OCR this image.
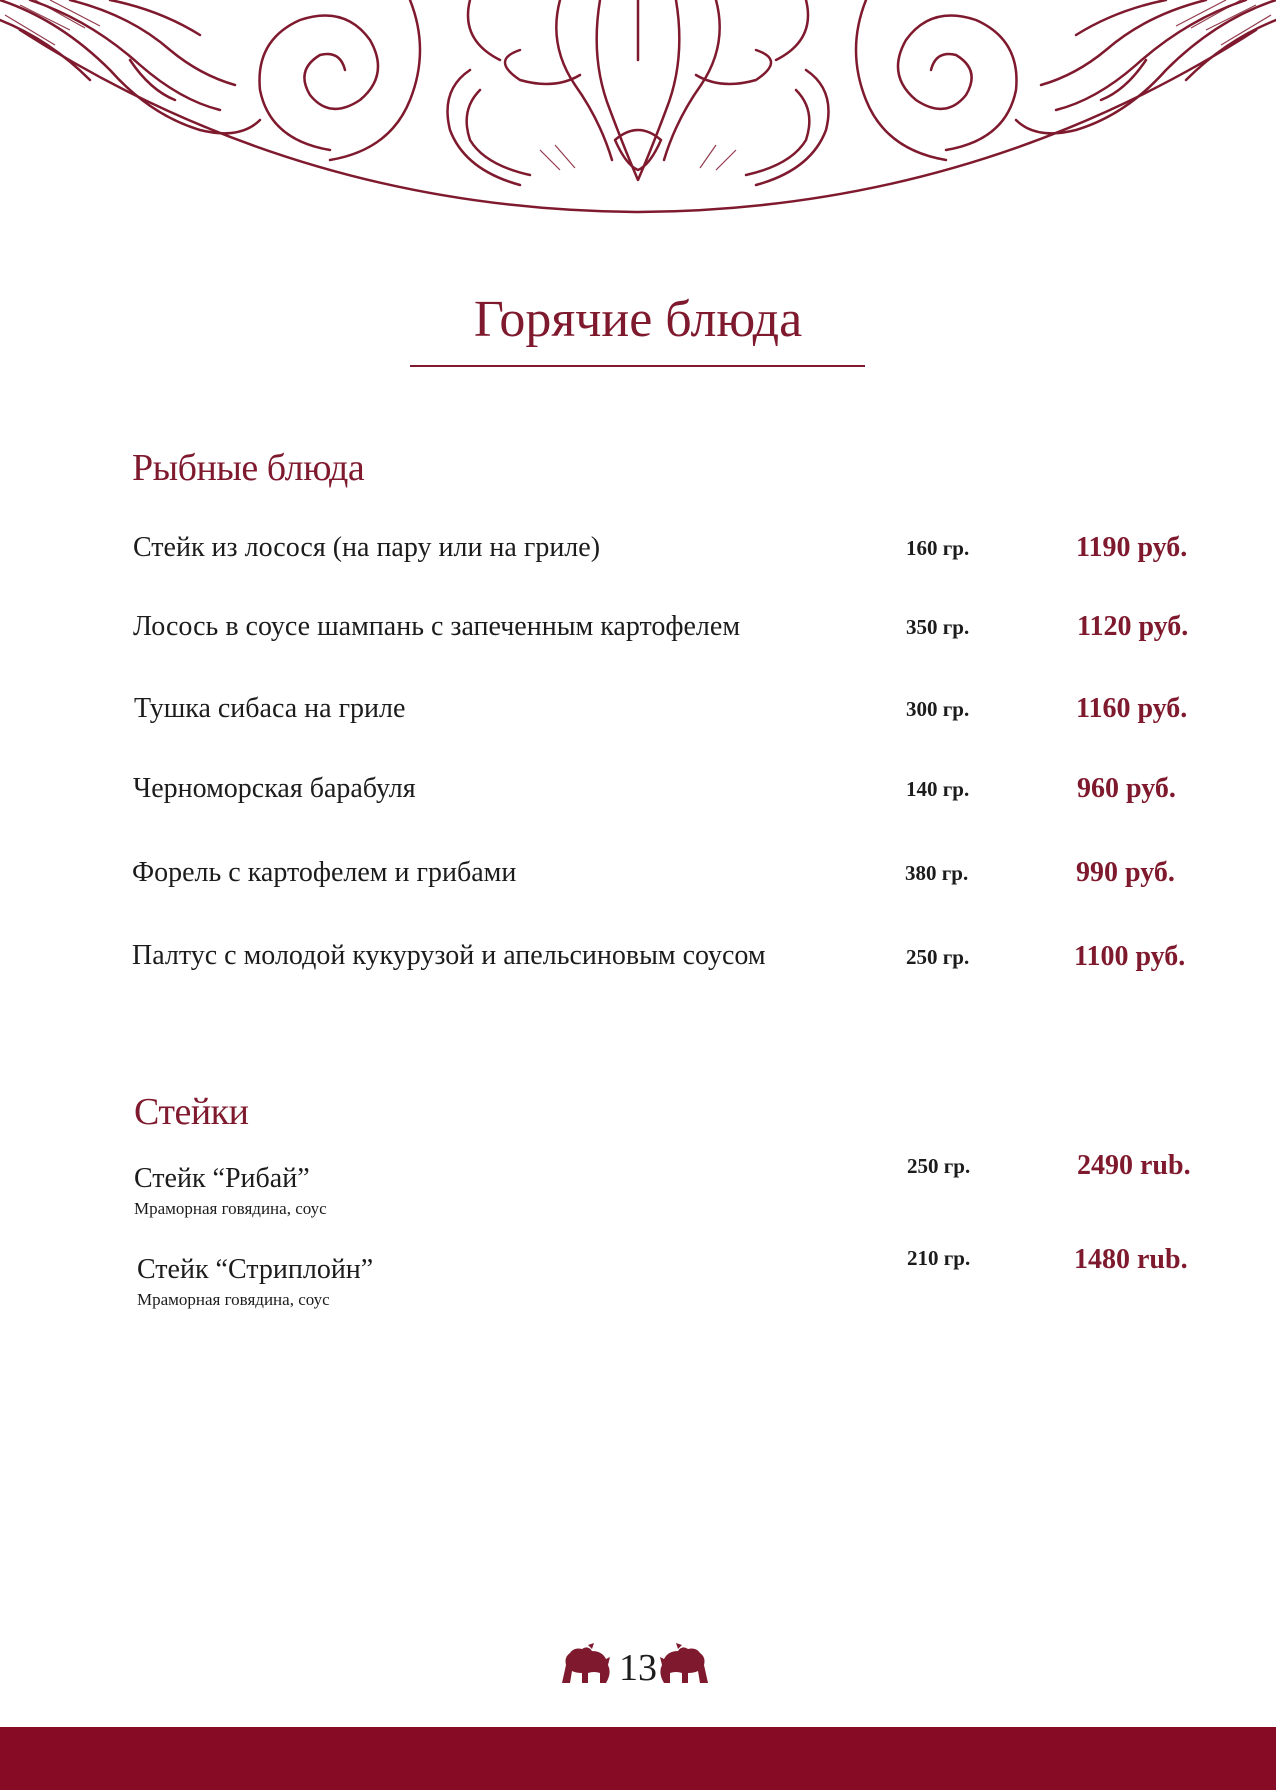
Горячие блюда
Рыбные блюда
Стейк из лосося (на пару или на гриле)	160 гр.	1190 руб.
Лосось в соусе шампань с запеченным картофелем	350 гр.	1120 руб.
Тушка сибаса на гриле	300 гр.	1160 руб.
Черноморская барабуля	140 гр.	960 руб.
Форель с картофелем и грибами	380 гр.	990 руб.
Палтус с молодой кукурузой и апельсиновым соусом	250 гр.	1100 руб.
Стейки
Стейк “Рибай”
Мраморная говядина, соус
250 гр.	2490 rub.
Стейк “Стриплойн”
Мраморная говядина, соус
210 гр.	1480 rub.
13
